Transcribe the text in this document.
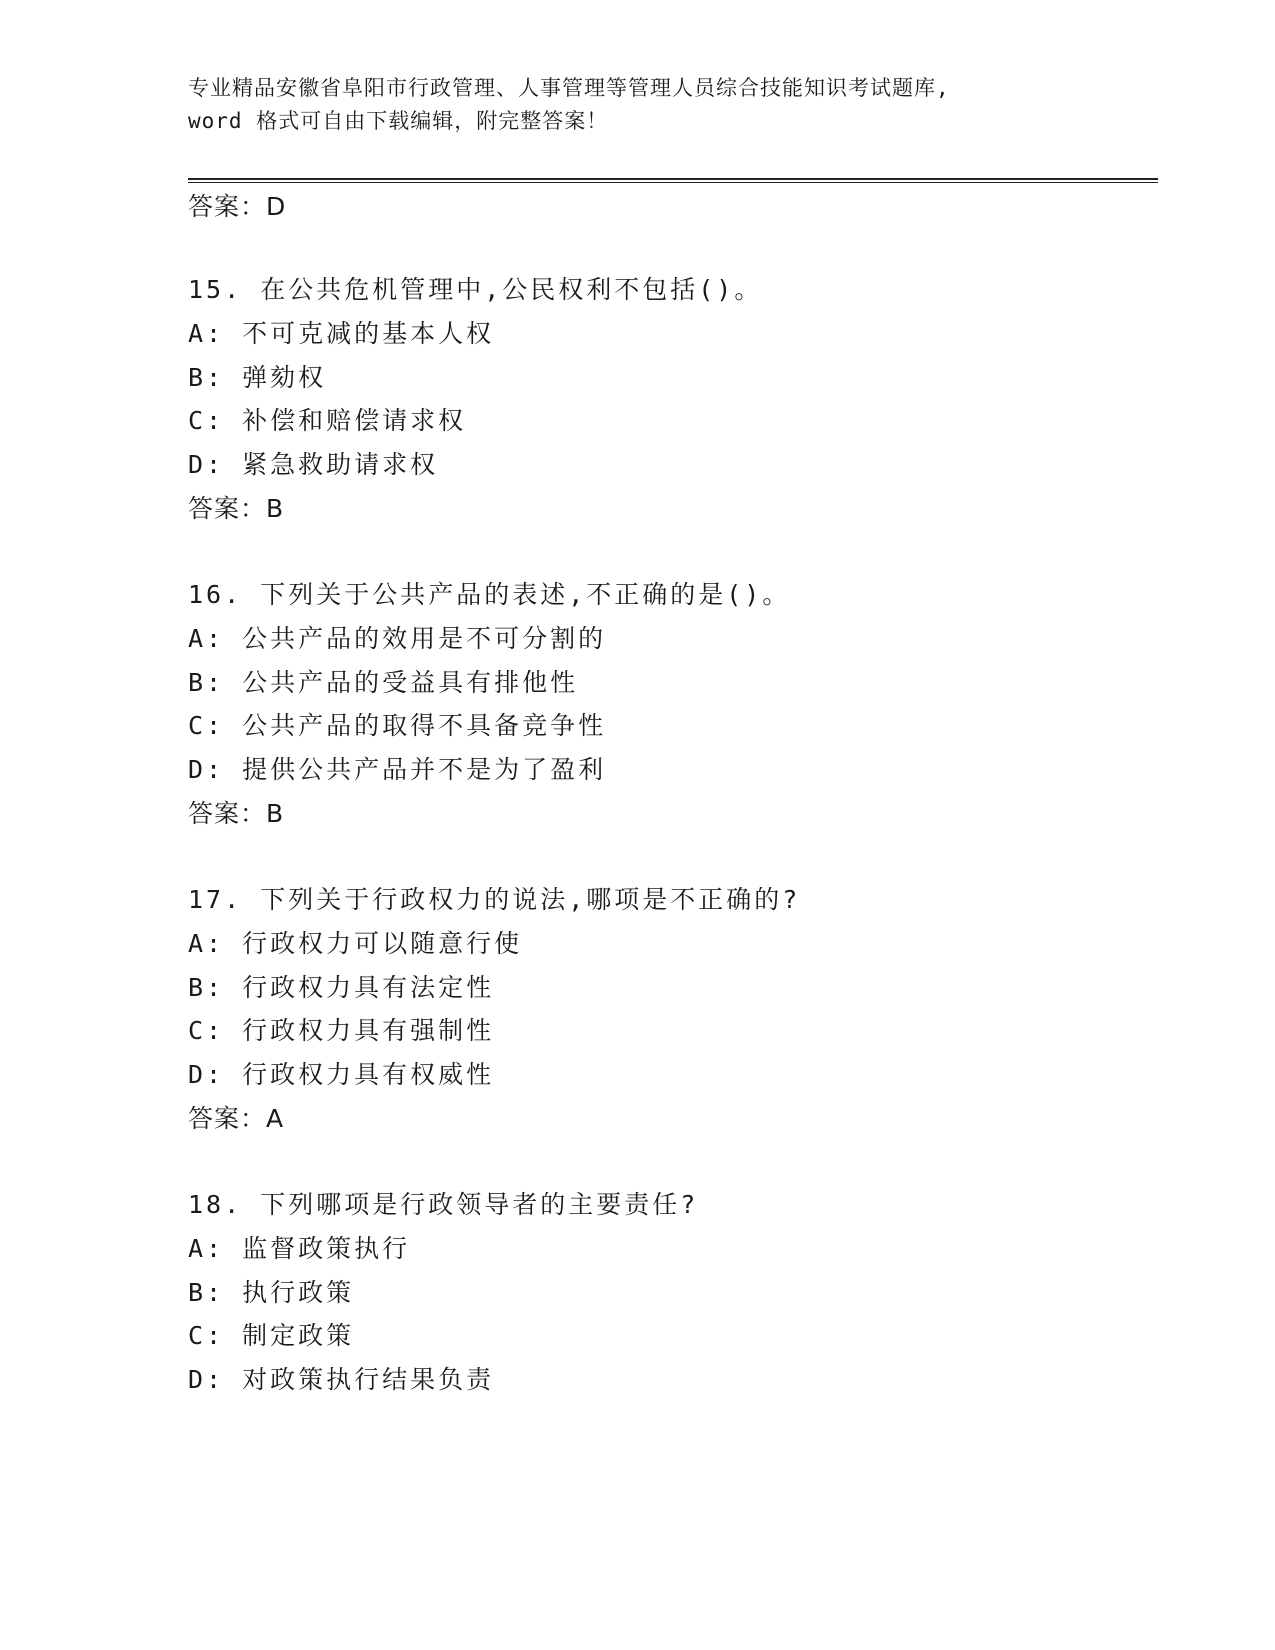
专业精品安徽省阜阳市行政管理、人事管理等管理人员综合技能知识考试题库,
word 格式可自由下载编辑，附完整答案！
答案：D
15. 在公共危机管理中,公民权利不包括()。
A: 不可克减的基本人权
B: 弹劾权
C: 补偿和赔偿请求权
D: 紧急救助请求权
答案：B
16. 下列关于公共产品的表述,不正确的是()。
A: 公共产品的效用是不可分割的
B: 公共产品的受益具有排他性
C: 公共产品的取得不具备竞争性
D: 提供公共产品并不是为了盈利
答案：B
17. 下列关于行政权力的说法,哪项是不正确的?
A: 行政权力可以随意行使
B: 行政权力具有法定性
C: 行政权力具有强制性
D: 行政权力具有权威性
答案：A
18. 下列哪项是行政领导者的主要责任?
A: 监督政策执行
B: 执行政策
C: 制定政策
D: 对政策执行结果负责
